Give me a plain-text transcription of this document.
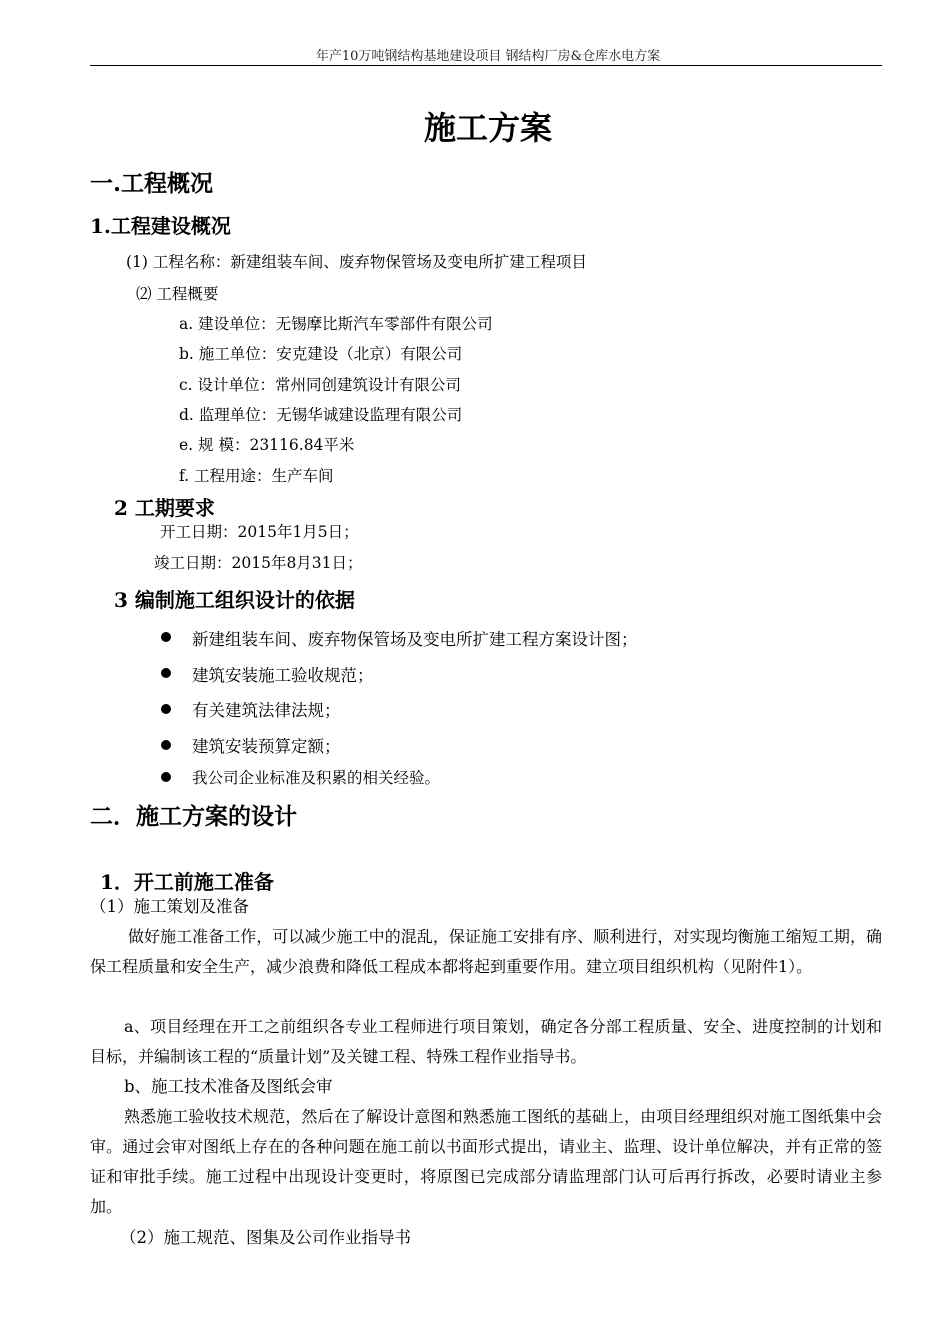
年产10万吨钢结构基地建设项目 钢结构厂房&仓库水电方案
施工方案
一.工程概况
1.工程建设概况
(1) 工程名称：新建组装车间、废弃物保管场及变电所扩建工程项目
⑵ 工程概要
a. 建设单位：无锡摩比斯汽车零部件有限公司
b. 施工单位：安克建设（北京）有限公司
c. 设计单位：常州同创建筑设计有限公司
d. 监理单位：无锡华诚建设监理有限公司
e. 规 模：23116.84平米
f. 工程用途：生产车间
2 工期要求
开工日期：2015年1月5日；
竣工日期：2015年8月31日；
3 编制施工组织设计的依据
新建组装车间、废弃物保管场及变电所扩建工程方案设计图；
建筑安装施工验收规范；
有关建筑法律法规；
建筑安装预算定额；
我公司企业标准及积累的相关经验。
二．施工方案的设计
1．开工前施工准备
（1）施工策划及准备
做好施工准备工作，可以减少施工中的混乱，保证施工安排有序、顺利进行，对实现均衡施工缩短工期，确保工程质量和安全生产，减少浪费和降低工程成本都将起到重要作用。建立项目组织机构（见附件1）。
a、项目经理在开工之前组织各专业工程师进行项目策划，确定各分部工程质量、安全、进度控制的计划和目标，并编制该工程的“质量计划”及关键工程、特殊工程作业指导书。
b、施工技术准备及图纸会审
熟悉施工验收技术规范，然后在了解设计意图和熟悉施工图纸的基础上，由项目经理组织对施工图纸集中会审。通过会审对图纸上存在的各种问题在施工前以书面形式提出，请业主、监理、设计单位解决，并有正常的签证和审批手续。施工过程中出现设计变更时，将原图已完成部分请监理部门认可后再行拆改，必要时请业主参加。
（2）施工规范、图集及公司作业指导书
